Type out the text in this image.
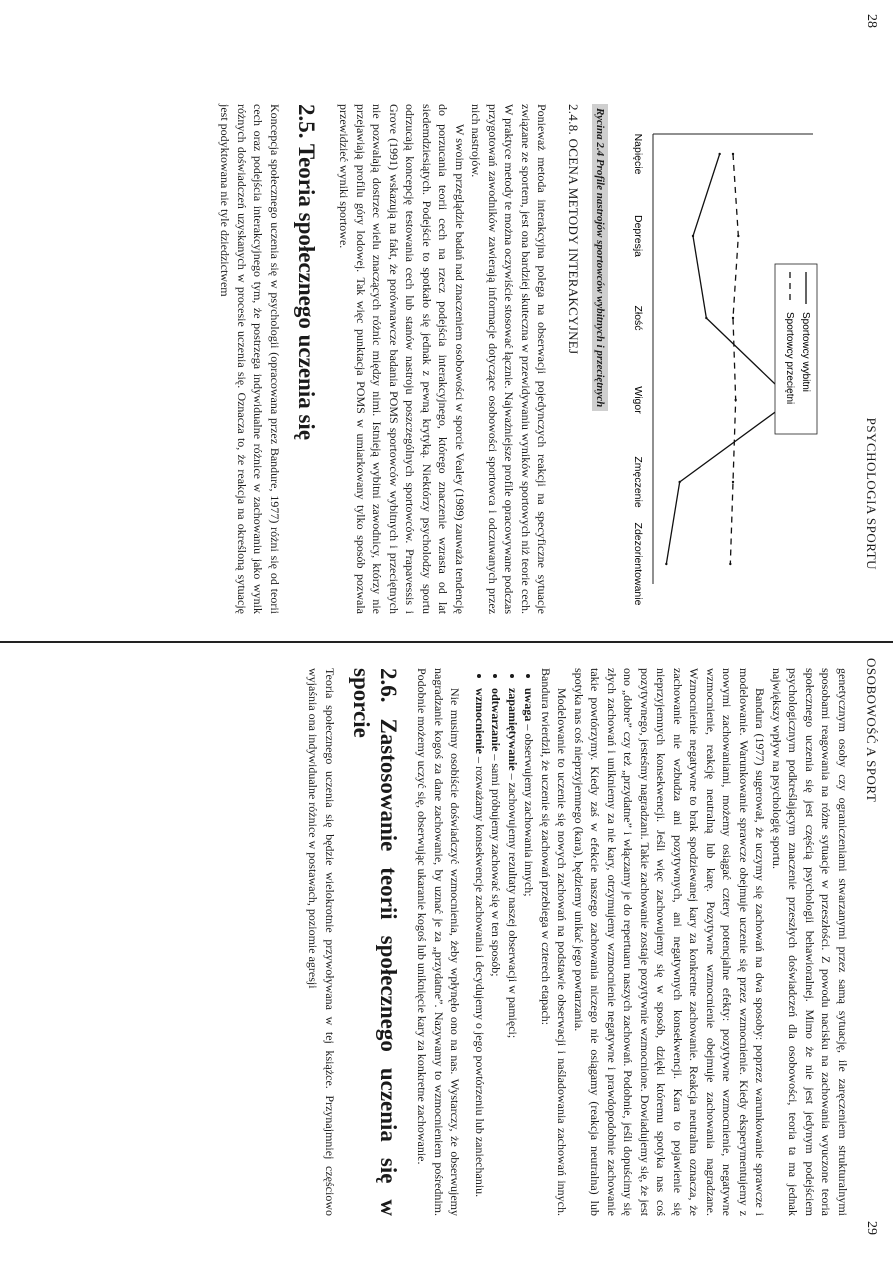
28
PSYCHOLOGIA SPORTU
Napięcie
Depresja
Złość
Wigor
Zmęczenie
Zdezorientowanie
Sportowcy wybitni
Sportowcy przeciętni
Rycina 2.4 Profile nastrojów sportowców wybitnych i przeciętnych
2.4.8. OCENA METODY INTERAKCYJNEJ

Ponieważ metoda interakcyjna polega na obserwacji pojedynczych reakcji na specyficzne sytuacje związane ze sportem, jest ona bardziej skuteczna w przewidywaniu wyników sportowych niż teorie cech. W praktyce metody te można oczywiście stosować łącznie. Najważniejsze profile opracowywane podczas przygotowań zawodników zawierają informacje dotyczące osobowości sportowca i odczuwanych przez nich nastrojów.

W swoim przeglądzie badań nad znaczeniem osobowości w sporcie Vealey (1989) zauważa tendencję do porzucania teorii cech na rzecz podejścia interakcyjnego, którego znaczenie wzrasta od lat siedemdziesiątych. Podejście to spotkało się jednak z pewną krytyką. Niektórzy psycholodzy sportu odrzucają koncepcję testowania cech lub stanów nastroju poszczególnych sportowców. Prapavessis i Grove (1991) wskazują na fakt, że porównawcze badania POMS sportowców wybitnych i przeciętnych nie pozwalają dostrzec wielu znaczących różnic między nimi. Istnieją wybitni zawodnicy, którzy nie przejawiają profilu góry lodowej. Tak więc punktacja POMS w umiarkowany tylko sposób pozwala przewidzieć wyniki sportowe.

2.5. Teoria społecznego uczenia się

Koncepcja społecznego uczenia się w psychologii (opracowana przez Bandure, 1977) różni się od teorii cech oraz podejścia interakcyjnego tym, że postrzega indywidualne różnice w zachowaniu jako wynik różnych doświadczeń uzyskanych w procesie uczenia się. Oznacza to, że reakcja na określoną sytuację jest podyktowana nie tyle dziedzictwem

29
OSOBOWOŚĆ A SPORT

genetycznym osoby czy ograniczeniami stwarzanymi przez samą sytuację, ile zaręczeniem strukturalnymi sposobami reagowania na różne sytuacje w przeszłości. Z powodu nacisku na zachowania wyuczone teoria społecznego uczenia się jest częścią psychologii behawioralnej. Mimo że nie jest jedynym podejściem psychologicznym podkreślającym znaczenie przeszłych doświadczeń dla osobowości, teoria ta ma jednak największy wpływ na psychologię sportu.

Bandura (1977) sugerował, że uczymy się zachowań na dwa sposoby: poprzez warunkowanie sprawcze i modelowanie. Warunkowanie sprawcze obejmuje uczenie się przez wzmocnienie. Kiedy eksperymentujemy z nowymi zachowaniami, możemy osiągać cztery potencjalne efekty: pozytywne wzmocnienie, negatywne wzmocnienie, reakcję neutralną lub karę. Pozytywne wzmocnienie obejmuje zachowania nagradzane. Wzmocnienie negatywne to brak spodziewanej kary za konkretne zachowanie. Reakcja neutralna oznacza, że zachowanie nie wzbudza ani pozytywnych, ani negatywnych konsekwencji. Kara to pojawienie się nieprzyjemnych konsekwencji. Jeśli więc zachowujemy się w sposób, dzięki któremu spotyka nas coś pozytywnego, jesteśmy nagradzani. Takie zachowanie zostaje pozytywnie wzmocnione. Dowiadujemy się, że jest ono „dobre” czy też „przydatne” i włączamy je do repertuaru naszych zachowań. Podobnie, jeśli dopuścimy się złych zachowań i unikniemy za nie kary, otrzymujemy wzmocnienie negatywne i prawdopodobnie zachowanie takie powtórzymy. Kiedy zaś w efekcie naszego zachowania niczego nie osiągamy (reakcja neutralna) lub spotyka nas coś nieprzyjemnego (kara), będziemy unikać jego powtarzania.

Modelowanie to uczenie się nowych zachowań na podstawie obserwacji i naśladowania zachowań innych. Bandura twierdził, że uczenie się zachowań przebiega w czterech etapach:

• uwaga – obserwujemy zachowania innych;
• zapamiętywanie – zachowujemy rezultaty naszej obserwacji w pamięci;
• odtwarzanie – sami próbujemy zachować się w ten sposób;
• wzmocnienie – rozważamy konsekwencje zachowania i decydujemy o jego powtórzeniu lub zaniechaniu.

Nie musimy osobiście doświadczyć wzmocnienia, żeby wpłynęło ono na nas. Wystarczy, że obserwujemy nagradzanie kogoś za dane zachowanie, by uznać je za „przydatne”. Nazywamy to wzmocnieniem pośrednim. Podobnie możemy uczyć się, obserwując ukaranie kogoś lub uniknięcie kary za konkretne zachowanie.

2.6. Zastosowanie teorii społecznego uczenia się w sporcie

Teoria społecznego uczenia się będzie wielokrotnie przywoływana w tej książce. Przynajmniej częściowo wyjaśnia ona indywidualne różnice w postawach, poziomie agresji
